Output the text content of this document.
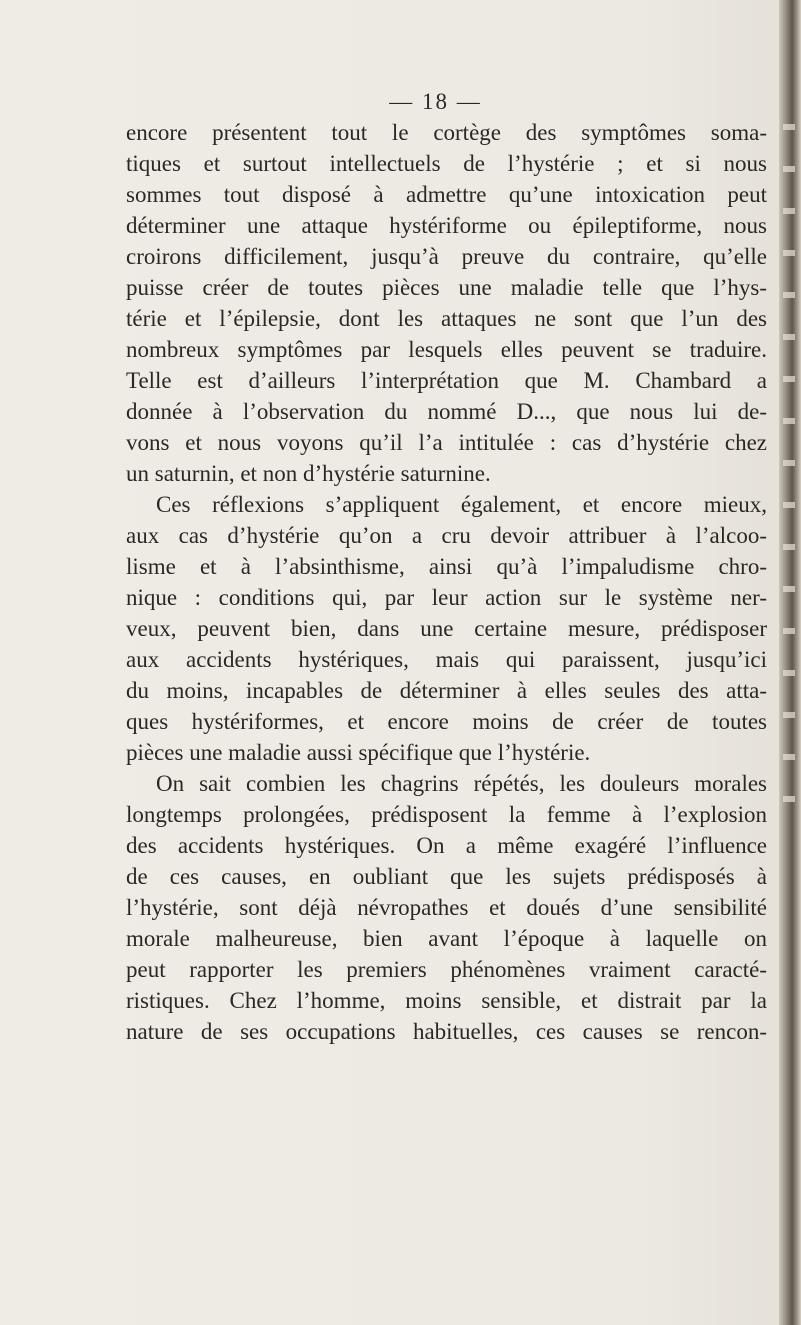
— 18 —
encore présentent tout le cortège des symptômes soma-
tiques et surtout intellectuels de l’hystérie ; et si nous
sommes tout disposé à admettre qu’une intoxication peut
déterminer une attaque hystériforme ou épileptiforme, nous
croirons difficilement, jusqu’à preuve du contraire, qu’elle
puisse créer de toutes pièces une maladie telle que l’hys-
térie et l’épilepsie, dont les attaques ne sont que l’un des
nombreux symptômes par lesquels elles peuvent se traduire.
Telle est d’ailleurs l’interprétation que M. Chambard a
donnée à l’observation du nommé D..., que nous lui de-
vons et nous voyons qu’il l’a intitulée : cas d’hystérie chez
un saturnin, et non d’hystérie saturnine.
Ces réflexions s’appliquent également, et encore mieux,
aux cas d’hystérie qu’on a cru devoir attribuer à l’alcoo-
lisme et à l’absinthisme, ainsi qu’à l’impaludisme chro-
nique : conditions qui, par leur action sur le système ner-
veux, peuvent bien, dans une certaine mesure, prédisposer
aux accidents hystériques, mais qui paraissent, jusqu’ici
du moins, incapables de déterminer à elles seules des atta-
ques hystériformes, et encore moins de créer de toutes
pièces une maladie aussi spécifique que l’hystérie.
On sait combien les chagrins répétés, les douleurs morales
longtemps prolongées, prédisposent la femme à l’explosion
des accidents hystériques. On a même exagéré l’influence
de ces causes, en oubliant que les sujets prédisposés à
l’hystérie, sont déjà névropathes et doués d’une sensibilité
morale malheureuse, bien avant l’époque à laquelle on
peut rapporter les premiers phénomènes vraiment caracté-
ristiques. Chez l’homme, moins sensible, et distrait par la
nature de ses occupations habituelles, ces causes se rencon-
